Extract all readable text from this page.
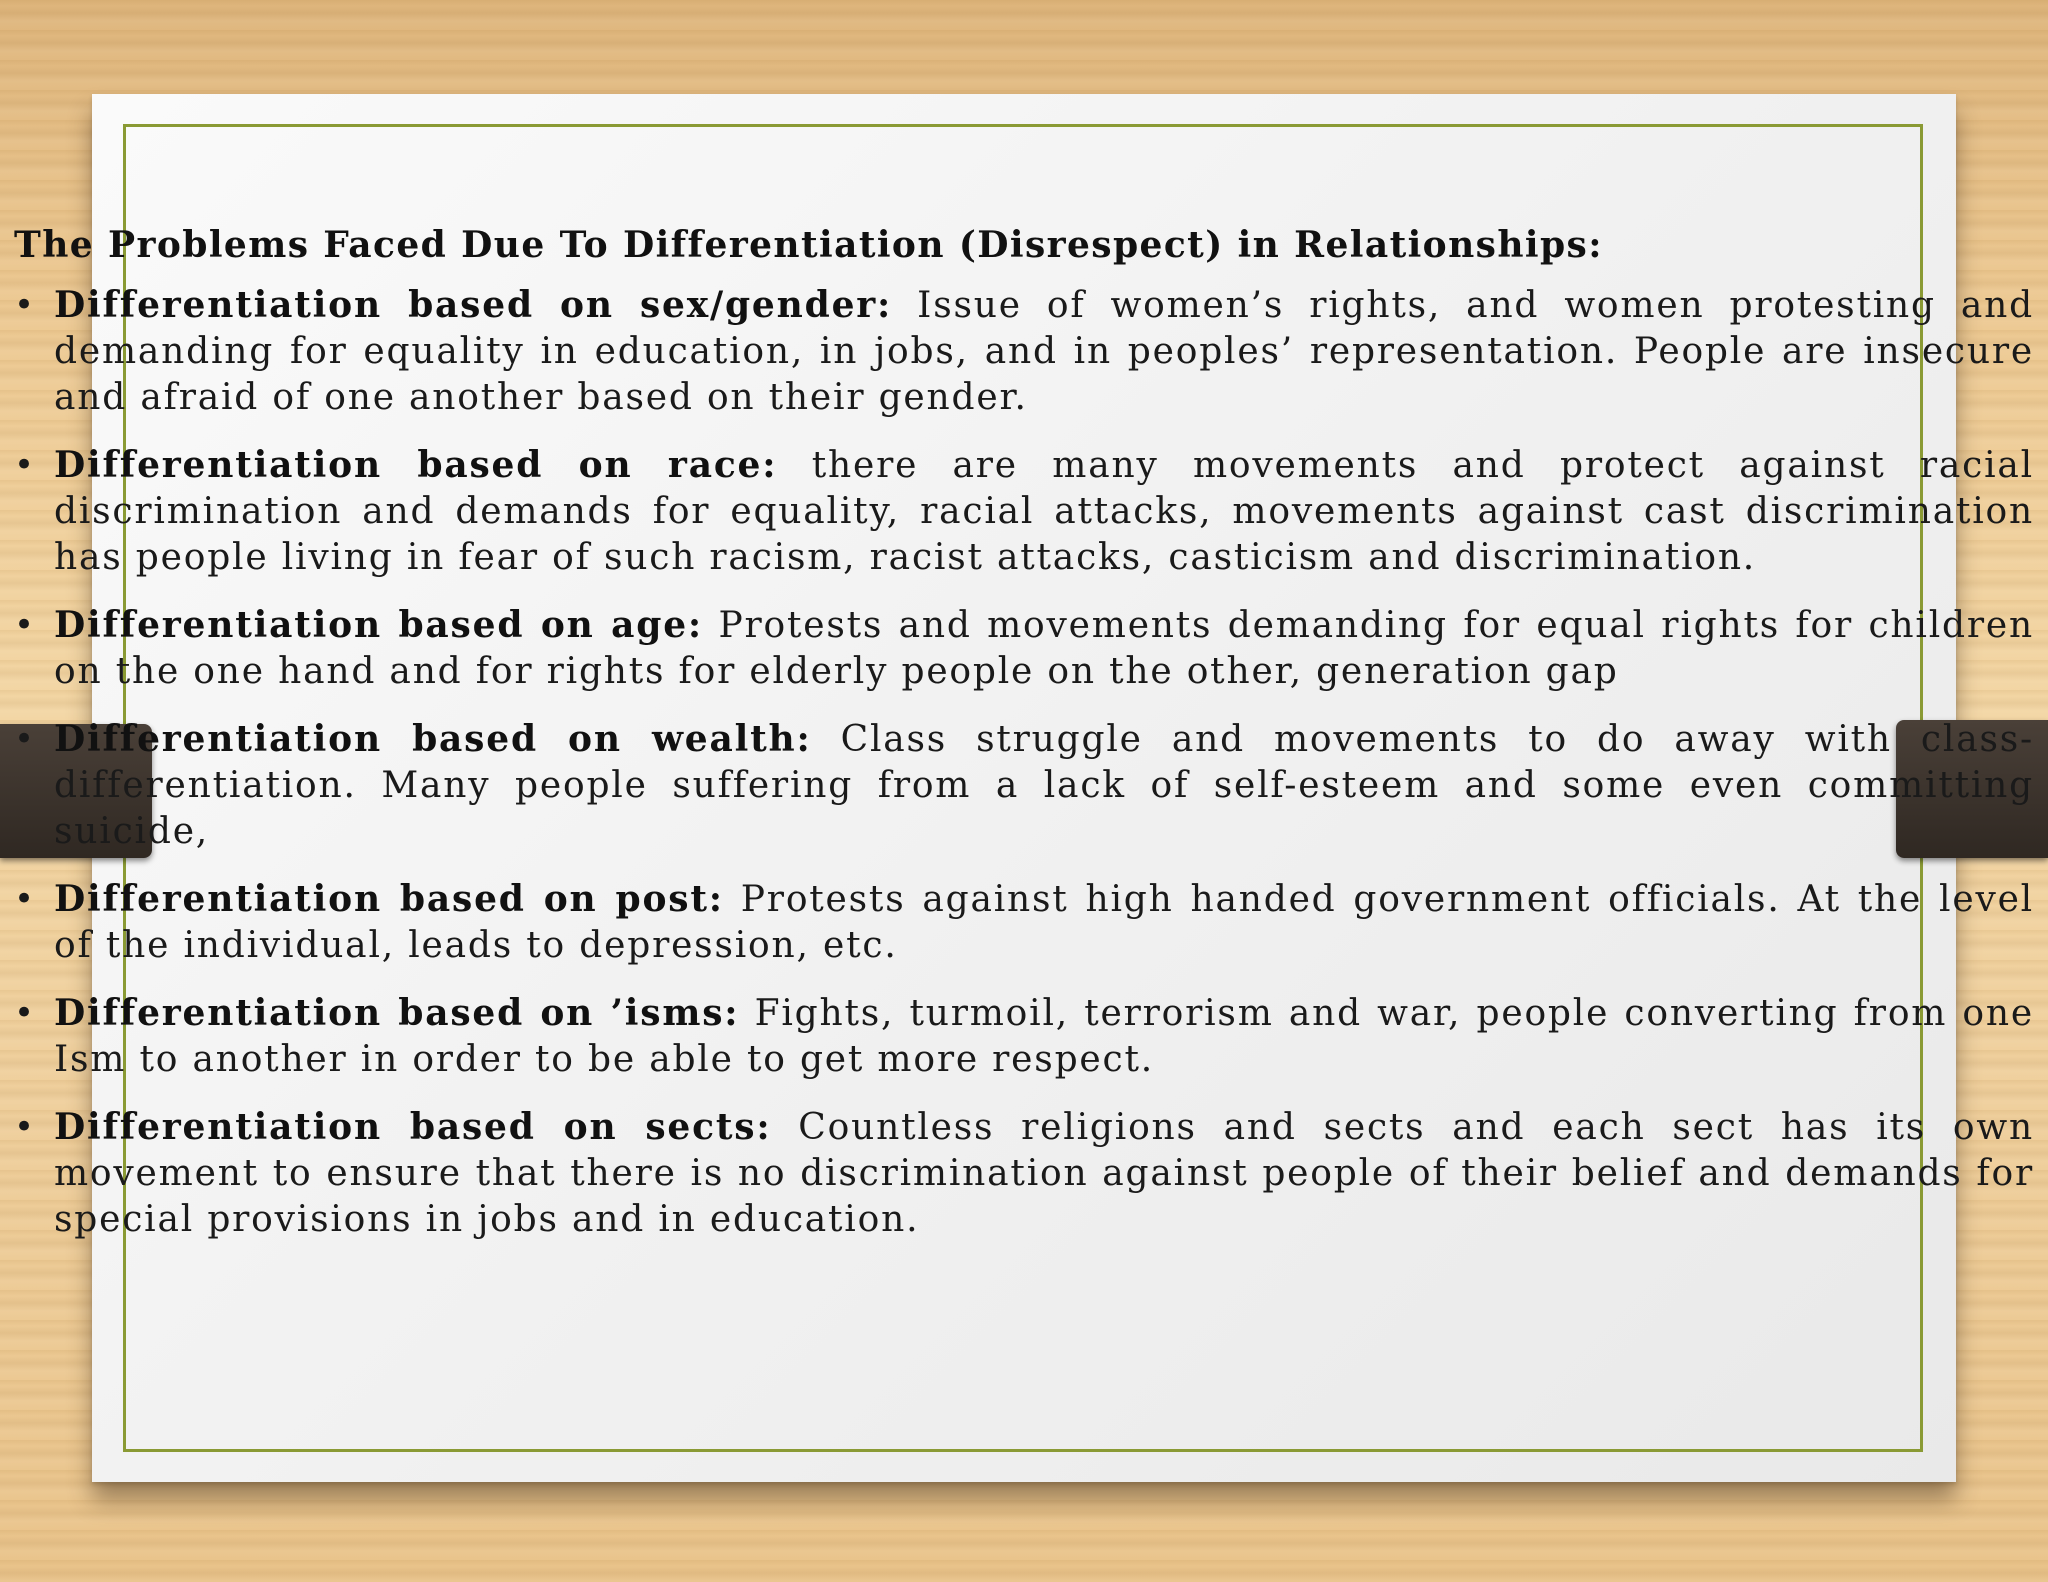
The Problems Faced Due To Differentiation (Disrespect) in Relationships:
• Differentiation based on sex/gender: Issue of women’s rights, and women protesting and demanding for equality in education, in jobs, and in peoples’ representation. People are insecure and afraid of one another based on their gender.
• Differentiation based on race: there are many movements and protect against racial discrimination and demands for equality, racial attacks, movements against cast discrimination has people living in fear of such racism, racist attacks, casticism and discrimination.
• Differentiation based on age: Protests and movements demanding for equal rights for children on the one hand and for rights for elderly people on the other, generation gap
• Differentiation based on wealth: Class struggle and movements to do away with class-differentiation. Many people suffering from a lack of self-esteem and some even committing suicide,
• Differentiation based on post: Protests against high handed government officials. At the level of the individual, leads to depression, etc.
• Differentiation based on ’isms: Fights, turmoil, terrorism and war, people converting from one Ism to another in order to be able to get more respect.
• Differentiation based on sects: Countless religions and sects and each sect has its own movement to ensure that there is no discrimination against people of their belief and demands for special provisions in jobs and in education.
